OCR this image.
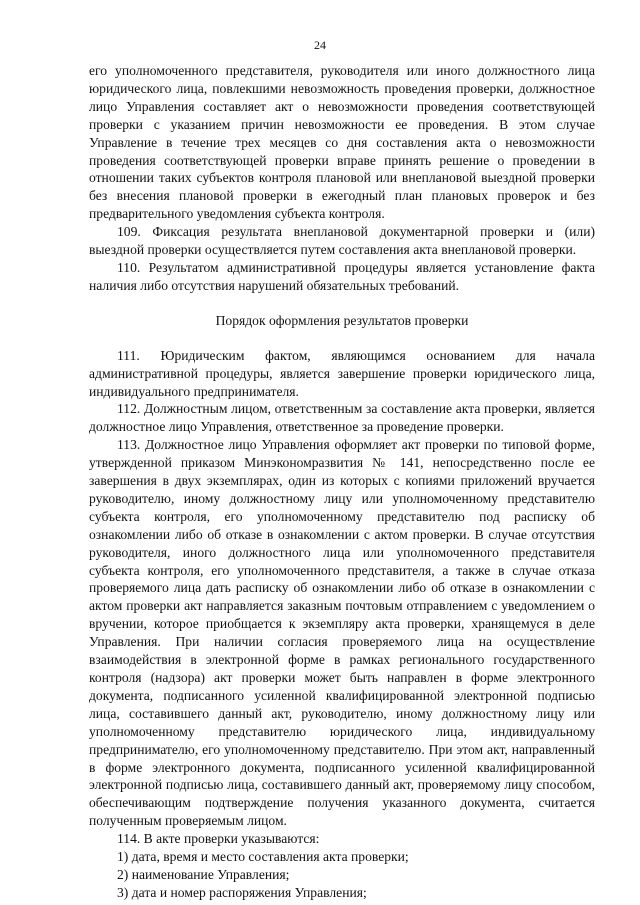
24

его уполномоченного представителя, руководителя или иного должностного лица юридического лица, повлекшими невозможность проведения проверки, должностное лицо Управления составляет акт о невозможности проведения соответствующей проверки с указанием причин невозможности ее проведения. В этом случае Управление в течение трех месяцев со дня составления акта о невозможности проведения соответствующей проверки вправе принять решение о проведении в отношении таких субъектов контроля плановой или внеплановой выездной проверки без внесения плановой проверки в ежегодный план плановых проверок и без предварительного уведомления субъекта контроля.

109. Фиксация результата внеплановой документарной проверки и (или) выездной проверки осуществляется путем составления акта внеплановой проверки.

110. Результатом административной процедуры является установление факта наличия либо отсутствия нарушений обязательных требований.

Порядок оформления результатов проверки

111. Юридическим фактом, являющимся основанием для начала административной процедуры, является завершение проверки юридического лица, индивидуального предпринимателя.

112. Должностным лицом, ответственным за составление акта проверки, является должностное лицо Управления, ответственное за проведение проверки.

113. Должностное лицо Управления оформляет акт проверки по типовой форме, утвержденной приказом Минэкономразвития № 141, непосредственно после ее завершения в двух экземплярах, один из которых с копиями приложений вручается руководителю, иному должностному лицу или уполномоченному представителю субъекта контроля, его уполномоченному представителю под расписку об ознакомлении либо об отказе в ознакомлении с актом проверки. В случае отсутствия руководителя, иного должностного лица или уполномоченного представителя субъекта контроля, его уполномоченного представителя, а также в случае отказа проверяемого лица дать расписку об ознакомлении либо об отказе в ознакомлении с актом проверки акт направляется заказным почтовым отправлением с уведомлением о вручении, которое приобщается к экземпляру акта проверки, хранящемуся в деле Управления. При наличии согласия проверяемого лица на осуществление взаимодействия в электронной форме в рамках регионального государственного контроля (надзора) акт проверки может быть направлен в форме электронного документа, подписанного усиленной квалифицированной электронной подписью лица, составившего данный акт, руководителю, иному должностному лицу или уполномоченному представителю юридического лица, индивидуальному предпринимателю, его уполномоченному представителю. При этом акт, направленный в форме электронного документа, подписанного усиленной квалифицированной электронной подписью лица, составившего данный акт, проверяемому лицу способом, обеспечивающим подтверждение получения указанного документа, считается полученным проверяемым лицом.

114. В акте проверки указываются:

1) дата, время и место составления акта проверки;

2) наименование Управления;

3) дата и номер распоряжения Управления;
